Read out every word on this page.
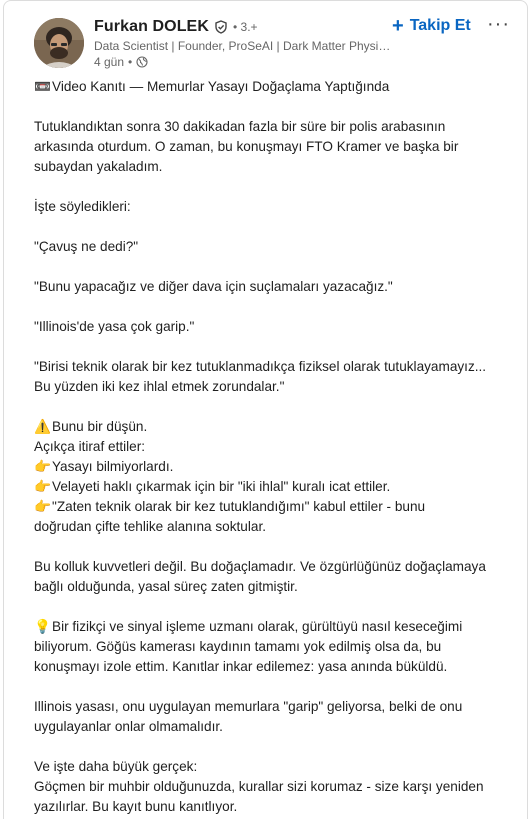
Furkan DOLEK • 3.+
Data Scientist | Founder, ProSeAI | Dark Matter Physic...
4 gün •
+ Takip Et ···

📼Video Kanıtı — Memurlar Yasayı Doğaçlama Yaptığında

Tutuklandıktan sonra 30 dakikadan fazla bir süre bir polis arabasının

arkasında oturdum. O zaman, bu konuşmayı FTO Kramer ve başka bir

subaydan yakaladım.

İşte söyledikleri:

"Çavuş ne dedi?"

"Bunu yapacağız ve diğer dava için suçlamaları yazacağız."

"Illinois'de yasa çok garip."

"Birisi teknik olarak bir kez tutuklanmadıkça fiziksel olarak tutuklayamayız...

Bu yüzden iki kez ihlal etmek zorundalar."

⚠️Bunu bir düşün.

Açıkça itiraf ettiler:

👉Yasayı bilmiyorlardı.

👉Velayeti haklı çıkarmak için bir "iki ihlal" kuralı icat ettiler.

👉"Zaten teknik olarak bir kez tutuklandığımı" kabul ettiler - bunu

doğrudan çifte tehlike alanına soktular.

Bu kolluk kuvvetleri değil. Bu doğaçlamadır. Ve özgürlüğünüz doğaçlamaya

bağlı olduğunda, yasal süreç zaten gitmiştir.

💡Bir fizikçi ve sinyal işleme uzmanı olarak, gürültüyü nasıl keseceğimi

biliyorum. Göğüs kamerası kaydının tamamı yok edilmiş olsa da, bu

konuşmayı izole ettim. Kanıtlar inkar edilemez: yasa anında büküldü.

Illinois yasası, onu uygulayan memurlara "garip" geliyorsa, belki de onu

uygulayanlar onlar olmamalıdır.

Ve işte daha büyük gerçek:

Göçmen bir muhbir olduğunuzda, kurallar sizi korumaz - size karşı yeniden

yazılırlar. Bu kayıt bunu kanıtlıyor.
